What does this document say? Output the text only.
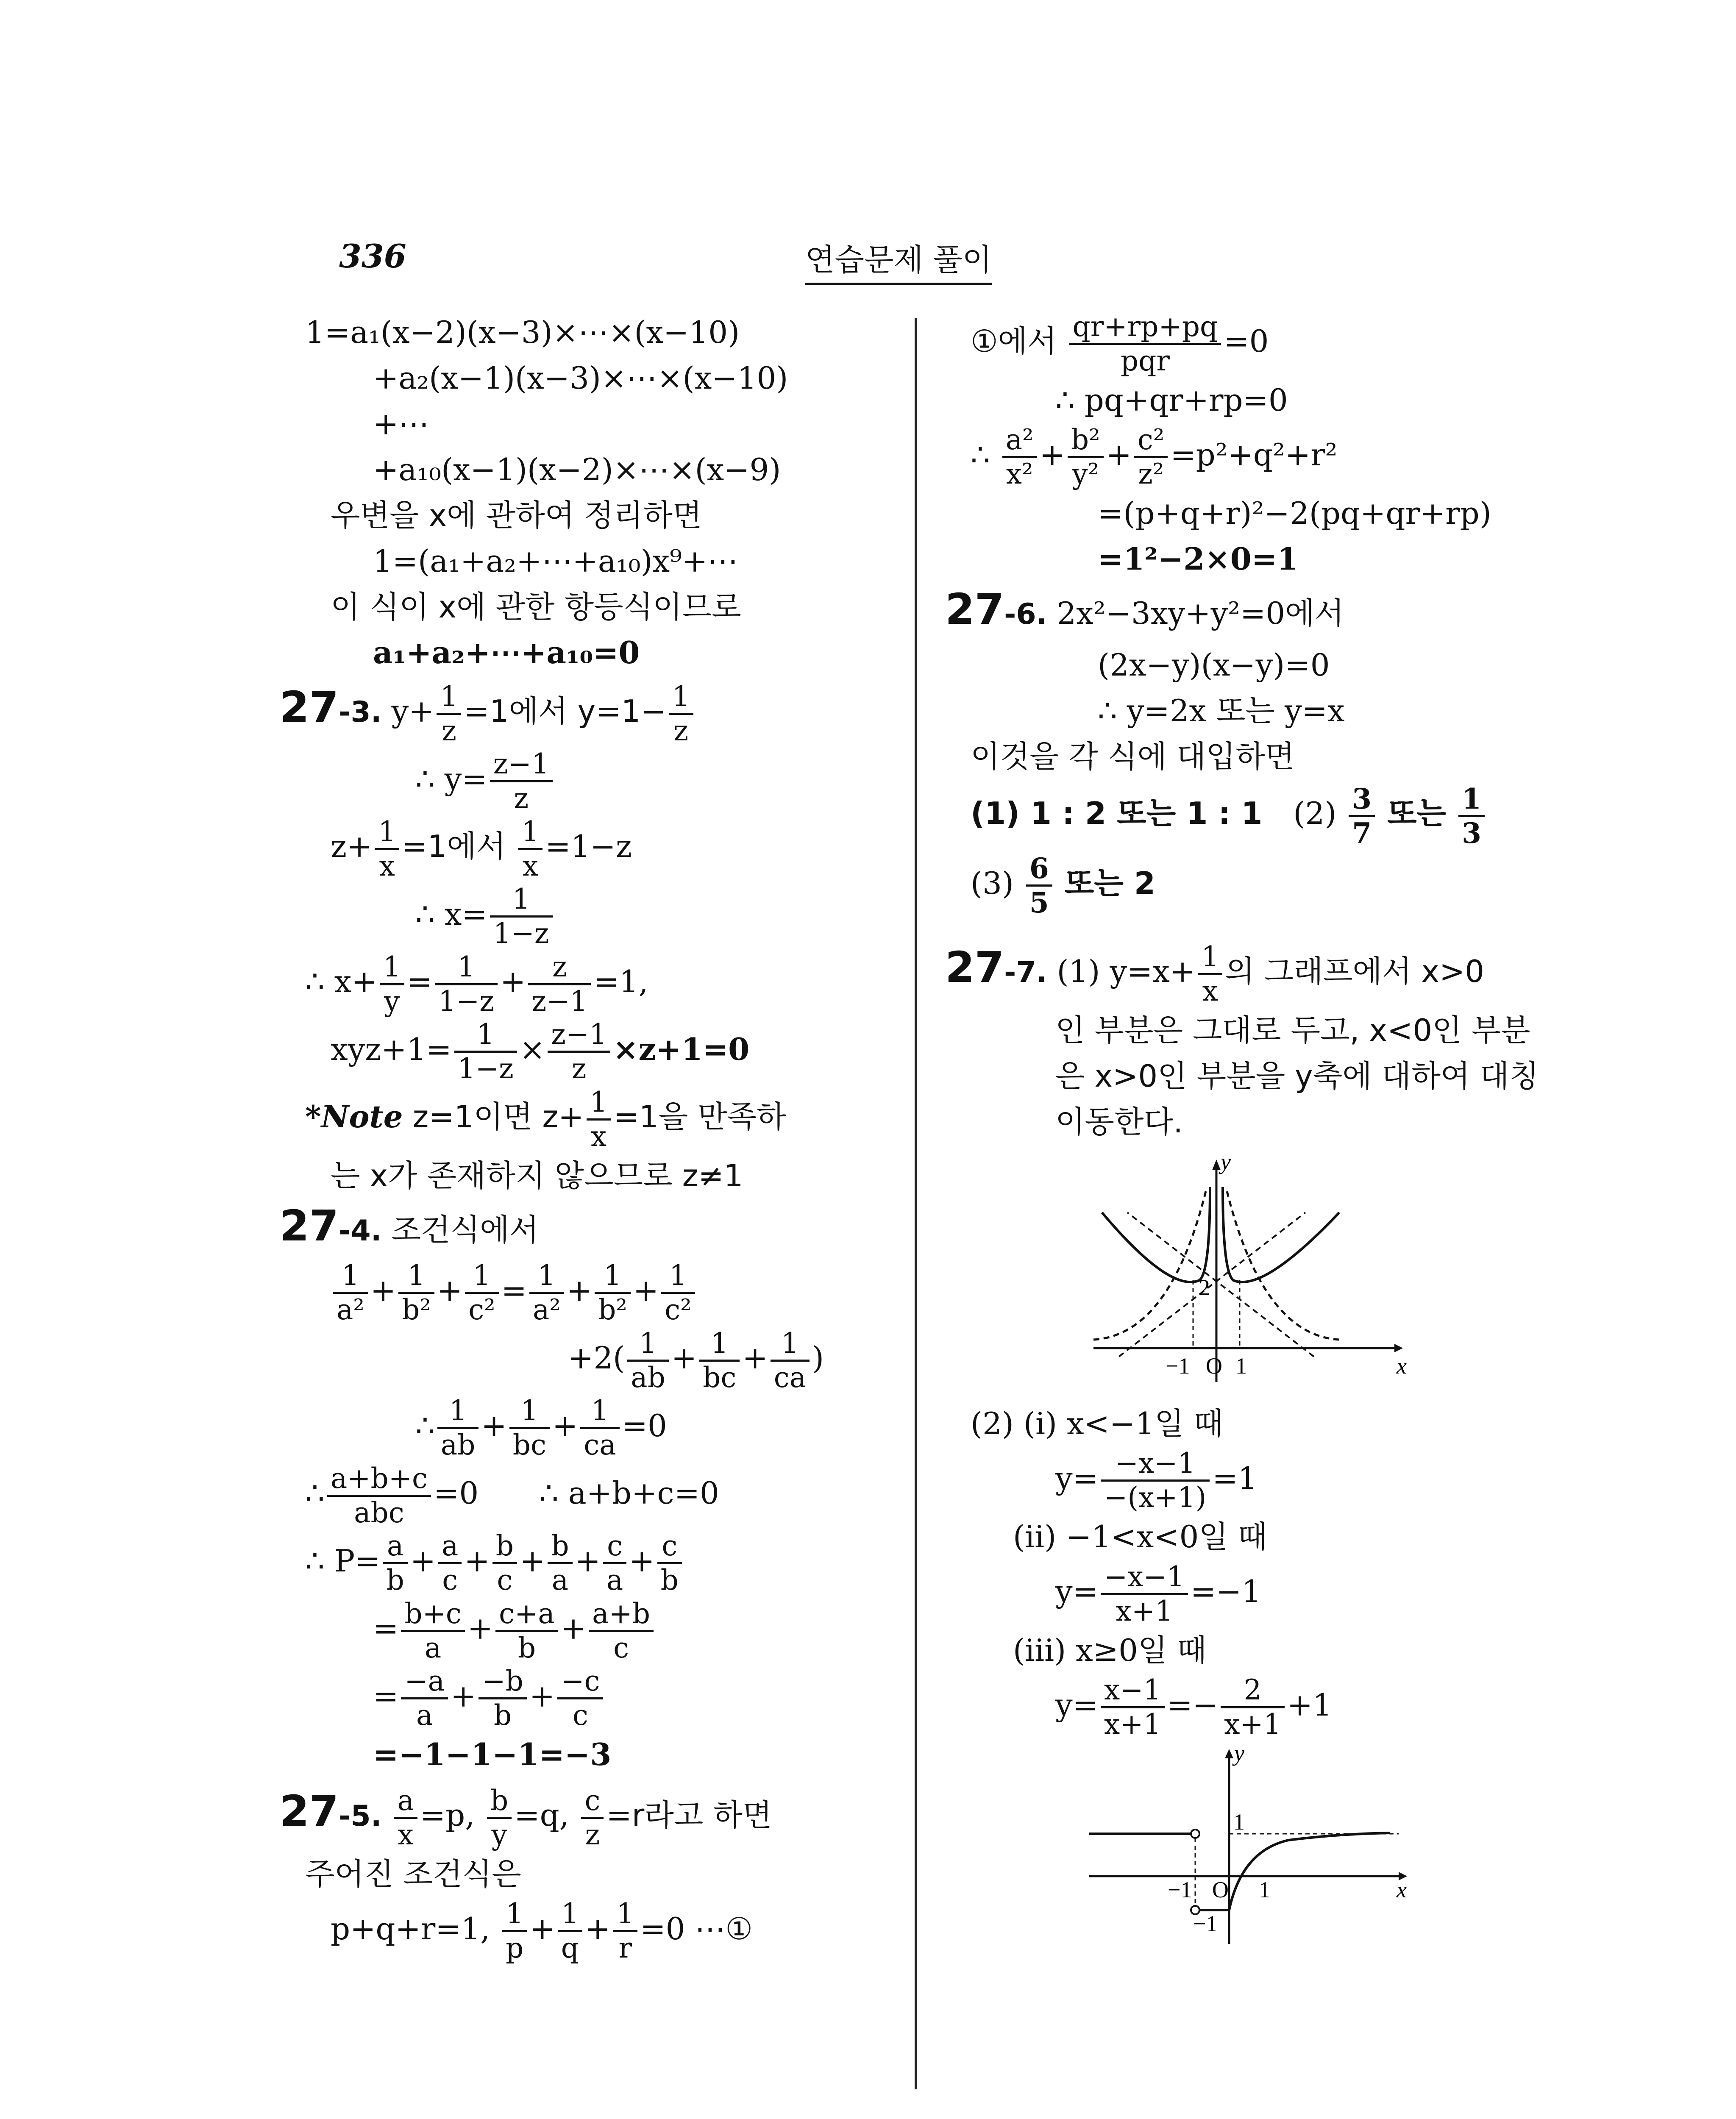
336	연습문제 풀이
1=a₁(x−2)(x−3)×⋯×(x−10)
+a₂(x−1)(x−3)×⋯×(x−10)
+⋯
+a₁₀(x−1)(x−2)×⋯×(x−9)
우변을 x에 관하여 정리하면
1=(a₁+a₂+⋯+a₁₀)x⁹+⋯
이 식이 x에 관한 항등식이므로
a₁+a₂+⋯+a₁₀=0
27-3. $y+ \frac{1}{z} =1$에서 $y=1- \frac{1}{z}$
∴ $y= \frac{z-1}{z}$
$z+ \frac{1}{x} =1$에서 $\frac{1}{x} =1-z$
∴ $x= \frac{1}{1-z}$
∴ $x+ \frac{1}{y} = \frac{1}{1-z} + \frac{z}{z-1} =1$,
$xyz+1= \frac{1}{1-z} \times \frac{z-1}{z} \times z+1=0$
*Note z=1이면 $z+ \frac{1}{x} =1$을 만족하
는 x가 존재하지 않으므로 z≠1
27-4. 조건식에서
$\frac{1}{\text{a²}} + \frac{1}{\text{b²}} + \frac{1}{\text{c²}} = \frac{1}{\text{a²}} + \frac{1}{\text{b²}} + \frac{1}{\text{c²}}$
$+2( \frac{1}{ab} + \frac{1}{bc} + \frac{1}{ca}$ )
∴ $\frac{1}{ab} + \frac{1}{bc} + \frac{1}{ca} =0$
∴ $\frac{a+b+c}{\text{abc}} =0$ ∴ a+b+c=0
∴ $P= \frac{a}{b} + \frac{a}{c} + \frac{b}{c} + \frac{b}{a} + \frac{c}{a} + \frac{c}{b}$
= $\frac{b+c}{a} + \frac{c+a}{b} + \frac{a+b}{c}$
= $\frac{-a}{a} + \frac{-b}{b} + \frac{-c}{c}$
=−1−1−1=−3
27-5. $\frac{a}{x} =p$, $\frac{b}{y} =q$, $\frac{c}{z} =r$라고 하면
주어진 조건식은
p+q+r=1, $\frac{1}{p} + \frac{1}{q} + \frac{1}{r} =0$ ⋯①
①에서 $\frac{qr+rp+pq}{\text{pqr}} =0$
∴ pq+qr+rp=0
∴ $\frac{\text{a²}}{\text{x²}} + \frac{\text{b²}}{\text{y²}} + \frac{\text{c²}}{\text{z²}} =p^2+q^2+r^2$
=(p+q+r)²−2(pq+qr+rp)
=1²−2×0=1
27-6. 2x²−3xy+y²=0에서
(2x−y)(x−y)=0
∴ y=2x 또는 y=x
이것을 각 식에 대입하면
(1) 1 : 2 또는 1 : 1 $(2) \frac{3}{7}$ 또는 $\frac{1}{3}$
$(3) \frac{6}{5}$ 또는 2
27-7. (1) $y=x+ \frac{1}{x}$ 의 그래프에서 x>0
인 부분은 그대로 두고, x<0인 부분
은 x>0인 부분을 y축에 대하여 대칭
이동한다.
y
x
O
−1 1
2
(2) (i) x<−1일 때
$y= \frac{-x-1}{-(x+1)} =1$
(ii) −1<x<0일 때
$y= \frac{-x-1}{x+1} =-1$
(iii) x≥0일 때
$y= \frac{x-1}{x+1} =- \frac{2}{x+1} +1$
y
x
O
−1	1
1
−1
